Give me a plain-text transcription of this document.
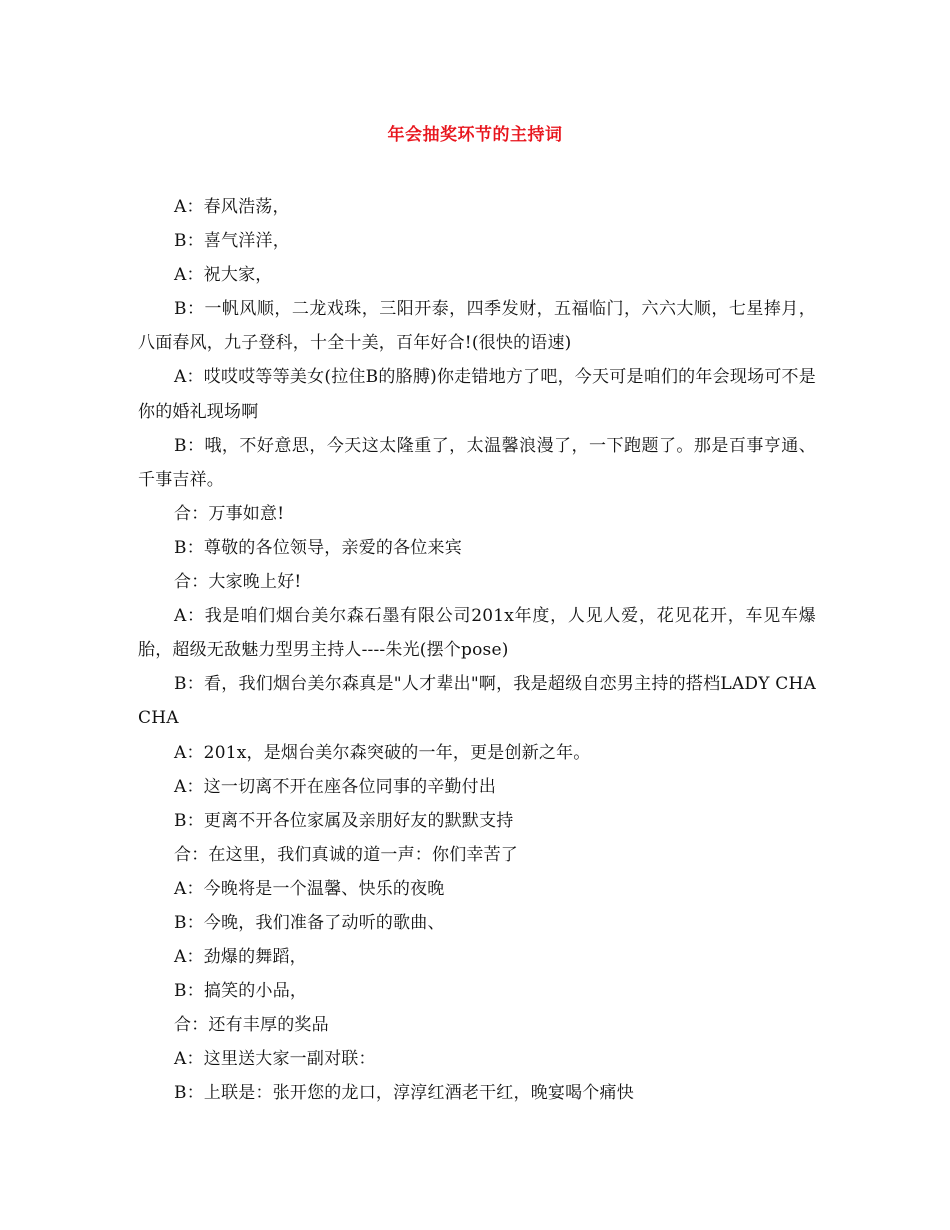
年会抽奖环节的主持词

A：春风浩荡，

B：喜气洋洋，

A：祝大家，

B：一帆风顺，二龙戏珠，三阳开泰，四季发财，五福临门，六六大顺，七星捧月，八面春风，九子登科，十全十美，百年好合!(很快的语速)

A：哎哎哎等等美女(拉住B的胳膊)你走错地方了吧，今天可是咱们的年会现场可不是你的婚礼现场啊

B：哦，不好意思，今天这太隆重了，太温馨浪漫了，一下跑题了。那是百事亨通、千事吉祥。

合：万事如意!

B：尊敬的各位领导，亲爱的各位来宾

合：大家晚上好!

A：我是咱们烟台美尔森石墨有限公司201x年度，人见人爱，花见花开，车见车爆胎，超级无敌魅力型男主持人----朱光(摆个pose)

B：看，我们烟台美尔森真是"人才辈出"啊，我是超级自恋男主持的搭档LADY CHACHA

A：201x，是烟台美尔森突破的一年，更是创新之年。

A：这一切离不开在座各位同事的辛勤付出

B：更离不开各位家属及亲朋好友的默默支持

合：在这里，我们真诚的道一声：你们幸苦了

A：今晚将是一个温馨、快乐的夜晚

B：今晚，我们准备了动听的歌曲、

A：劲爆的舞蹈，

B：搞笑的小品，

合：还有丰厚的奖品

A：这里送大家一副对联：

B：上联是：张开您的龙口，淳淳红酒老干红，晚宴喝个痛快
